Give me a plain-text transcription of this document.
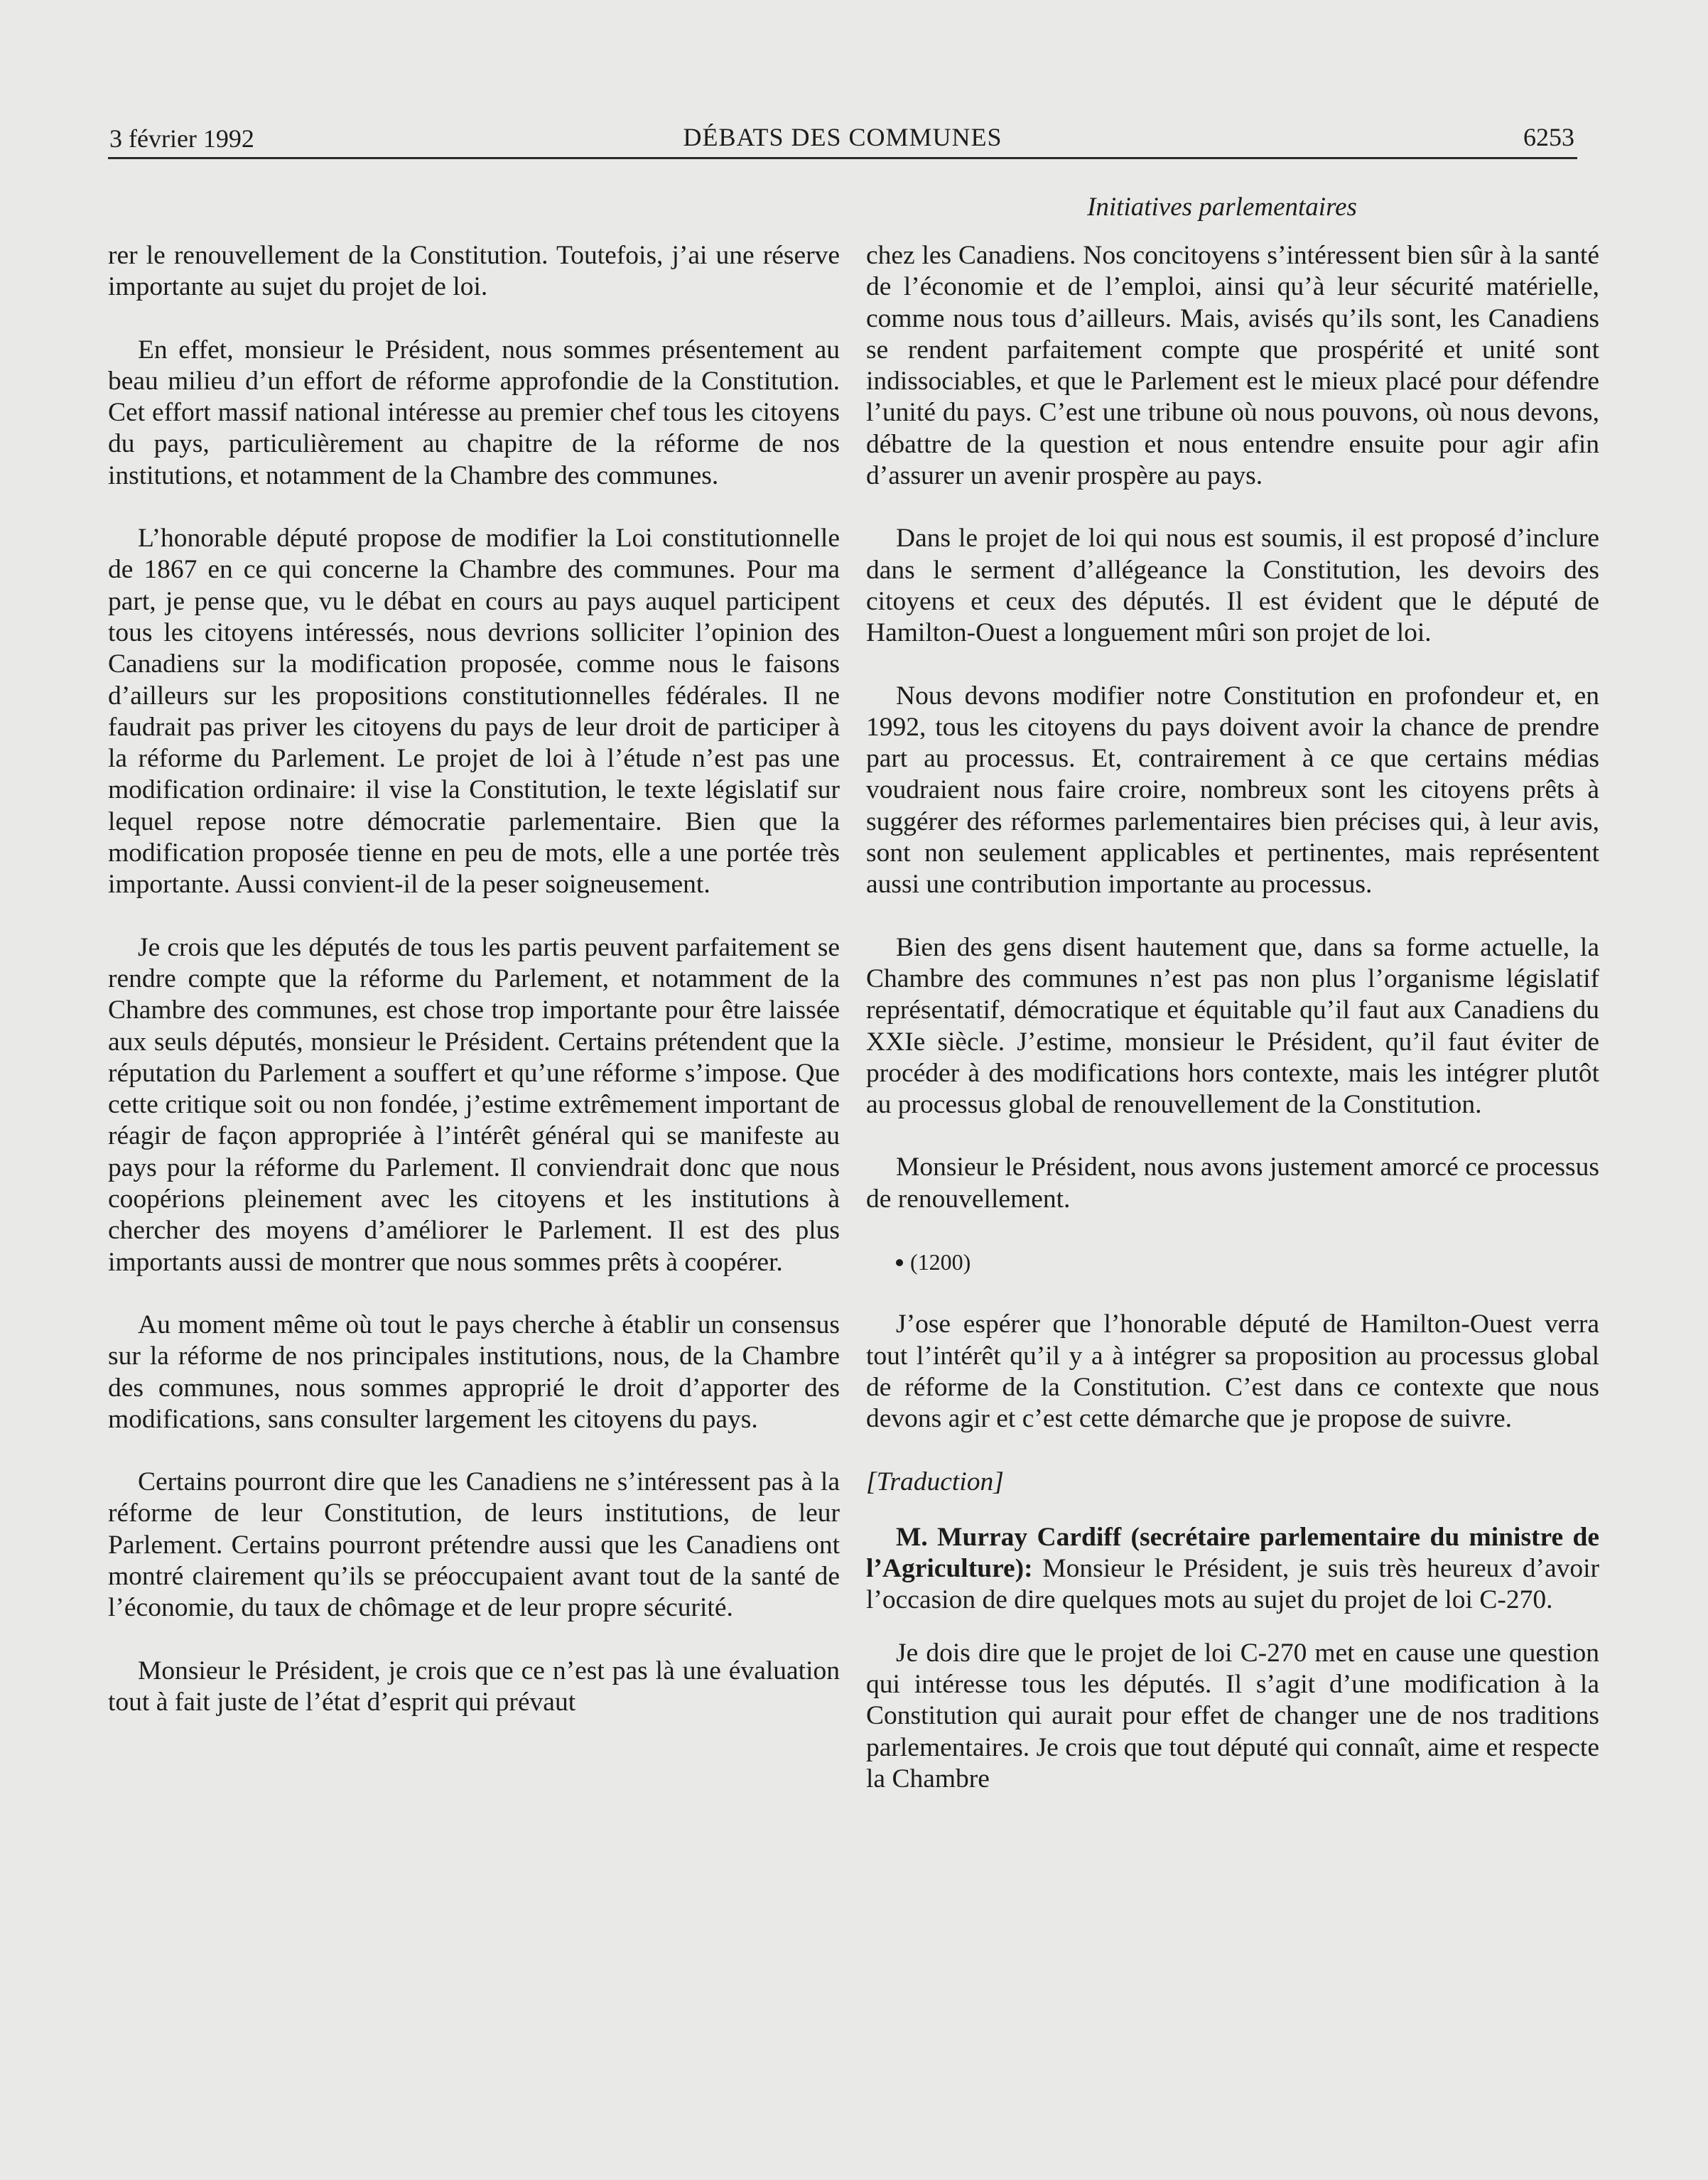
3 février 1992	DÉBATS DES COMMUNES	6253
Initiatives parlementaires

rer le renouvellement de la Constitution. Toutefois, j’ai une réserve importante au sujet du projet de loi.

En effet, monsieur le Président, nous sommes présentement au beau milieu d’un effort de réforme approfondie de la Constitution. Cet effort massif national intéresse au premier chef tous les citoyens du pays, particulièrement au chapitre de la réforme de nos institutions, et notamment de la Chambre des communes.

L’honorable député propose de modifier la Loi constitutionnelle de 1867 en ce qui concerne la Chambre des communes. Pour ma part, je pense que, vu le débat en cours au pays auquel participent tous les citoyens intéressés, nous devrions solliciter l’opinion des Canadiens sur la modification proposée, comme nous le faisons d’ailleurs sur les propositions constitutionnelles fédérales. Il ne faudrait pas priver les citoyens du pays de leur droit de participer à la réforme du Parlement. Le projet de loi à l’étude n’est pas une modification ordinaire: il vise la Constitution, le texte législatif sur lequel repose notre démocratie parlementaire. Bien que la modification proposée tienne en peu de mots, elle a une portée très importante. Aussi convient-il de la peser soigneusement.

Je crois que les députés de tous les partis peuvent parfaitement se rendre compte que la réforme du Parlement, et notamment de la Chambre des communes, est chose trop importante pour être laissée aux seuls députés, monsieur le Président. Certains prétendent que la réputation du Parlement a souffert et qu’une réforme s’impose. Que cette critique soit ou non fondée, j’estime extrêmement important de réagir de façon appropriée à l’intérêt général qui se manifeste au pays pour la réforme du Parlement. Il conviendrait donc que nous coopérions pleinement avec les citoyens et les institutions à chercher des moyens d’améliorer le Parlement. Il est des plus importants aussi de montrer que nous sommes prêts à coopérer.

Au moment même où tout le pays cherche à établir un consensus sur la réforme de nos principales institutions, nous, de la Chambre des communes, nous sommes approprié le droit d’apporter des modifications, sans consulter largement les citoyens du pays.

Certains pourront dire que les Canadiens ne s’intéressent pas à la réforme de leur Constitution, de leurs institutions, de leur Parlement. Certains pourront prétendre aussi que les Canadiens ont montré clairement qu’ils se préoccupaient avant tout de la santé de l’économie, du taux de chômage et de leur propre sécurité.

Monsieur le Président, je crois que ce n’est pas là une évaluation tout à fait juste de l’état d’esprit qui prévaut

chez les Canadiens. Nos concitoyens s’intéressent bien sûr à la santé de l’économie et de l’emploi, ainsi qu’à leur sécurité matérielle, comme nous tous d’ailleurs. Mais, avisés qu’ils sont, les Canadiens se rendent parfaitement compte que prospérité et unité sont indissociables, et que le Parlement est le mieux placé pour défendre l’unité du pays. C’est une tribune où nous pouvons, où nous devons, débattre de la question et nous entendre ensuite pour agir afin d’assurer un avenir prospère au pays.

Dans le projet de loi qui nous est soumis, il est proposé d’inclure dans le serment d’allégeance la Constitution, les devoirs des citoyens et ceux des députés. Il est évident que le député de Hamilton-Ouest a longuement mûri son projet de loi.

Nous devons modifier notre Constitution en profondeur et, en 1992, tous les citoyens du pays doivent avoir la chance de prendre part au processus. Et, contrairement à ce que certains médias voudraient nous faire croire, nombreux sont les citoyens prêts à suggérer des réformes parlementaires bien précises qui, à leur avis, sont non seulement applicables et pertinentes, mais représentent aussi une contribution importante au processus.

Bien des gens disent hautement que, dans sa forme actuelle, la Chambre des communes n’est pas non plus l’organisme législatif représentatif, démocratique et équitable qu’il faut aux Canadiens du XXIe siècle. J’estime, monsieur le Président, qu’il faut éviter de procéder à des modifications hors contexte, mais les intégrer plutôt au processus global de renouvellement de la Constitution.

Monsieur le Président, nous avons justement amorcé ce processus de renouvellement.

(1200)

J’ose espérer que l’honorable député de Hamilton-Ouest verra tout l’intérêt qu’il y a à intégrer sa proposition au processus global de réforme de la Constitution. C’est dans ce contexte que nous devons agir et c’est cette démarche que je propose de suivre.

[Traduction]

M. Murray Cardiff (secrétaire parlementaire du ministre de l’Agriculture): Monsieur le Président, je suis très heureux d’avoir l’occasion de dire quelques mots au sujet du projet de loi C-270.

Je dois dire que le projet de loi C-270 met en cause une question qui intéresse tous les députés. Il s’agit d’une modification à la Constitution qui aurait pour effet de changer une de nos traditions parlementaires. Je crois que tout député qui connaît, aime et respecte la Chambre
